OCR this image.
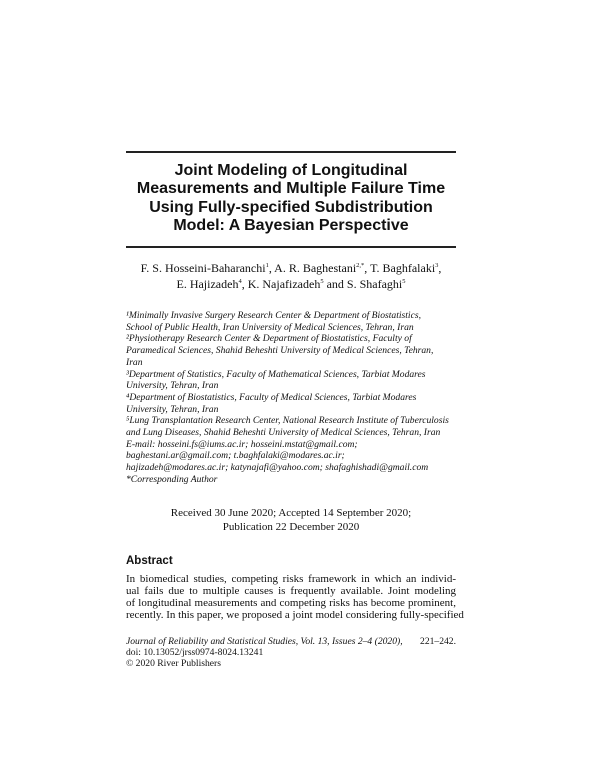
Joint Modeling of Longitudinal
Measurements and Multiple Failure Time
Using Fully-specified Subdistribution
Model: A Bayesian Perspective
F. S. Hosseini-Baharanchi$^1$, A. R. Baghestani$^{2,*}$, T. Baghfalaki$^3$,
E. Hajizadeh$^4$, K. Najafizadeh$^5$ and S. Shafaghi$^5$
¹Minimally Invasive Surgery Research Center & Department of Biostatistics,
School of Public Health, Iran University of Medical Sciences, Tehran, Iran
²Physiotherapy Research Center & Department of Biostatistics, Faculty of
Paramedical Sciences, Shahid Beheshti University of Medical Sciences, Tehran,
Iran
³Department of Statistics, Faculty of Mathematical Sciences, Tarbiat Modares
University, Tehran, Iran
⁴Department of Biostatistics, Faculty of Medical Sciences, Tarbiat Modares
University, Tehran, Iran
⁵Lung Transplantation Research Center, National Research Institute of Tuberculosis
and Lung Diseases, Shahid Beheshti University of Medical Sciences, Tehran, Iran
E-mail: hosseini.fs@iums.ac.ir; hosseini.mstat@gmail.com;
baghestani.ar@gmail.com; t.baghfalaki@modares.ac.ir;
hajizadeh@modares.ac.ir; katynajafi@yahoo.com; shafaghishadi@gmail.com
*Corresponding Author
Received 30 June 2020; Accepted 14 September 2020;
Publication 22 December 2020
Abstract
In biomedical studies, competing risks framework in which an individ-
ual fails due to multiple causes is frequently available. Joint modeling
of longitudinal measurements and competing risks has become prominent,
recently. In this paper, we proposed a joint model considering fully-specified
Journal of Reliability and Statistical Studies, Vol. 13, Issues 2–4 (2020), 221–242.
doi: 10.13052/jrss0974-8024.13241
© 2020 River Publishers
